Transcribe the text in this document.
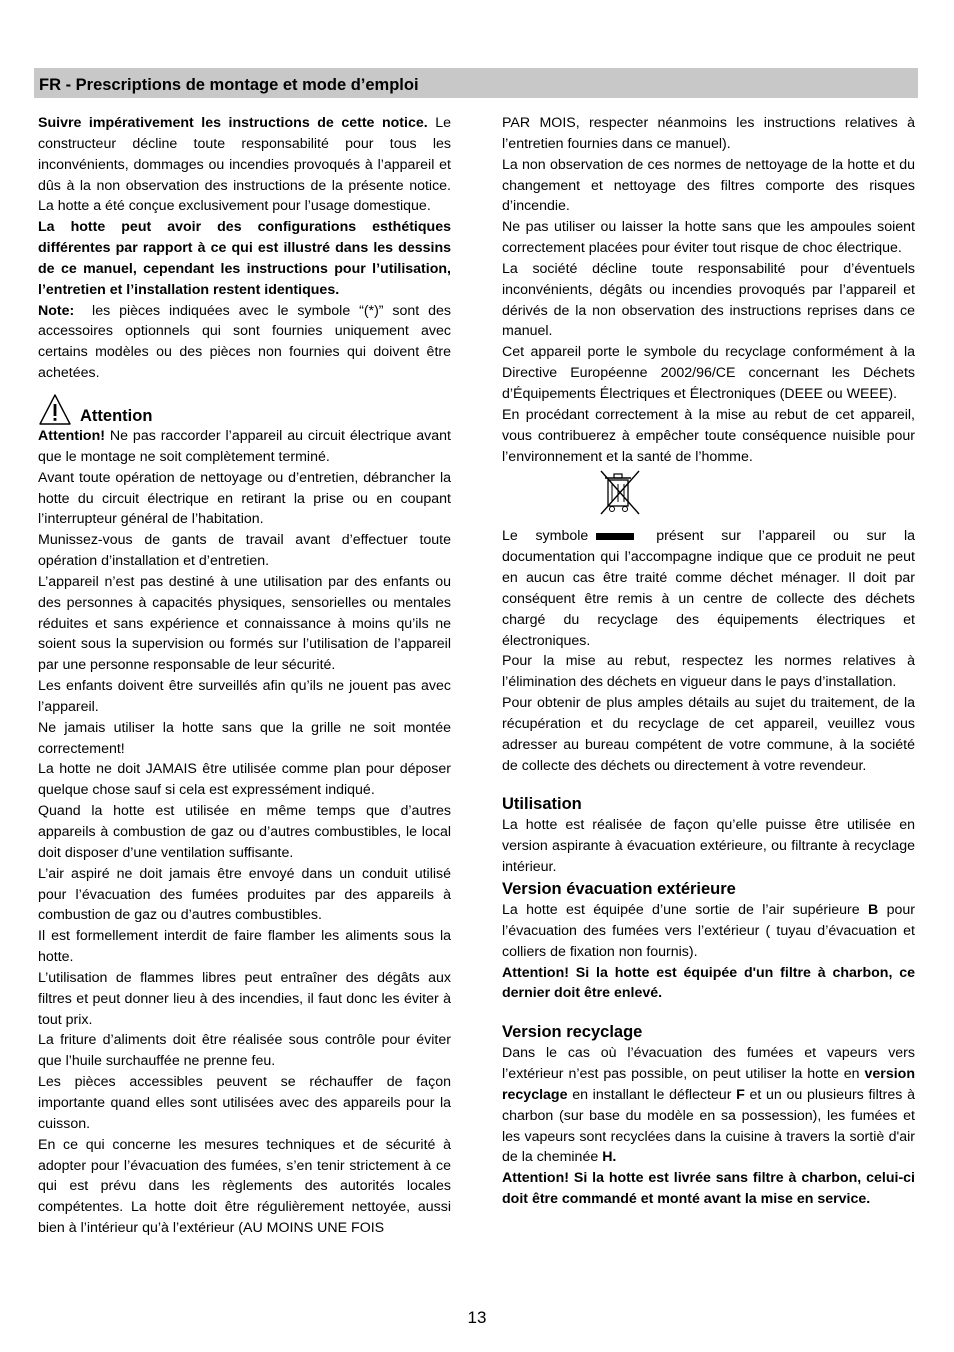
FR - Prescriptions de montage et mode d’emploi

Suivre impérativement les instructions de cette notice. Le constructeur décline toute responsabilité pour tous les inconvénients, dommages ou incendies provoqués à l’appareil et dûs à la non observation des instructions de la présente notice. La hotte a été conçue exclusivement pour l’usage domestique.

La hotte peut avoir des configurations esthétiques différentes par rapport à ce qui est illustré dans les dessins de ce manuel, cependant les instructions pour l’utilisation, l’entretien et l’installation restent identiques.

Note: les pièces indiquées avec le symbole “(*)” sont des accessoires optionnels qui sont fournies uniquement avec certains modèles ou des pièces non fournies qui doivent être achetées.

Attention

Attention! Ne pas raccorder l’appareil au circuit électrique avant que le montage ne soit complètement terminé.

Avant toute opération de nettoyage ou d’entretien, débrancher la hotte du circuit électrique en retirant la prise ou en coupant l’interrupteur général de l’habitation.

Munissez-vous de gants de travail avant d’effectuer toute opération d’installation et d’entretien.

L’appareil n’est pas destiné à une utilisation par des enfants ou des personnes à capacités physiques, sensorielles ou mentales réduites et sans expérience et connaissance à moins qu’ils ne soient sous la supervision ou formés sur l’utilisation de l’appareil par une personne responsable de leur sécurité.

Les enfants doivent être surveillés afin qu’ils ne jouent pas avec l’appareil.

Ne jamais utiliser la hotte sans que la grille ne soit montée correctement!

La hotte ne doit JAMAIS être utilisée comme plan pour déposer quelque chose sauf si cela est expressément indiqué.

Quand la hotte est utilisée en même temps que d’autres appareils à combustion de gaz ou d’autres combustibles, le local doit disposer d’une ventilation suffisante.

L’air aspiré ne doit jamais être envoyé dans un conduit utilisé pour l’évacuation des fumées produites par des appareils à combustion de gaz ou d’autres combustibles.

Il est formellement interdit de faire flamber les aliments sous la hotte.

L’utilisation de flammes libres peut entraîner des dégâts aux filtres et peut donner lieu à des incendies, il faut donc les éviter à tout prix.

La friture d’aliments doit être réalisée sous contrôle pour éviter que l’huile surchauffée ne prenne feu.

Les pièces accessibles peuvent se réchauffer de façon importante quand elles sont utilisées avec des appareils pour la cuisson.

En ce qui concerne les mesures techniques et de sécurité à adopter pour l’évacuation des fumées, s’en tenir strictement à ce qui est prévu dans les règlements des autorités locales compétentes. La hotte doit être régulièrement nettoyée, aussi bien à l’intérieur qu’à l’extérieur (AU MOINS UNE FOIS

PAR MOIS, respecter néanmoins les instructions relatives à l’entretien fournies dans ce manuel).

La non observation de ces normes de nettoyage de la hotte et du changement et nettoyage des filtres comporte des risques d’incendie.

Ne pas utiliser ou laisser la hotte sans que les ampoules soient correctement placées pour éviter tout risque de choc électrique.

La société décline toute responsabilité pour d’éventuels inconvénients, dégâts ou incendies provoqués par l’appareil et dérivés de la non observation des instructions reprises dans ce manuel.

Cet appareil porte le symbole du recyclage conformément à la Directive Européenne 2002/96/CE concernant les Déchets d’Équipements Électriques et Électroniques (DEEE ou WEEE).

En procédant correctement à la mise au rebut de cet appareil, vous contribuerez à empêcher toute conséquence nuisible pour l’environnement et la santé de l’homme.

Le symbole	présent sur l’appareil ou sur la documentation qui l’accompagne indique que ce produit ne peut en aucun cas être traité comme déchet ménager. Il doit par conséquent être remis à un centre de collecte des déchets chargé du recyclage des équipements électriques et électroniques.

Pour la mise au rebut, respectez les normes relatives à l’élimination des déchets en vigueur dans le pays d’installation.

Pour obtenir de plus amples détails au sujet du traitement, de la récupération et du recyclage de cet appareil, veuillez vous adresser au bureau compétent de votre commune, à la société de collecte des déchets ou directement à votre revendeur.

Utilisation

La hotte est réalisée de façon qu’elle puisse être utilisée en version aspirante à évacuation extérieure, ou filtrante à recyclage intérieur.

Version évacuation extérieure

La hotte est équipée d’une sortie de l’air supérieure B pour l’évacuation des fumées vers l’extérieur ( tuyau d’évacuation et colliers de fixation non fournis).

Attention! Si la hotte est équipée d'un filtre à charbon, ce dernier doit être enlevé.

Version recyclage

Dans le cas où l’évacuation des fumées et vapeurs vers l’extérieur n’est pas possible, on peut utiliser la hotte en version recyclage en installant le déflecteur F et un ou plusieurs filtres à charbon (sur base du modèle en sa possession), les fumées et les vapeurs sont recyclées dans la cuisine à travers la sortiè d'air de la cheminée H.

Attention! Si la hotte est livrée sans filtre à charbon, celui-ci doit être commandé et monté avant la mise en service.

13
